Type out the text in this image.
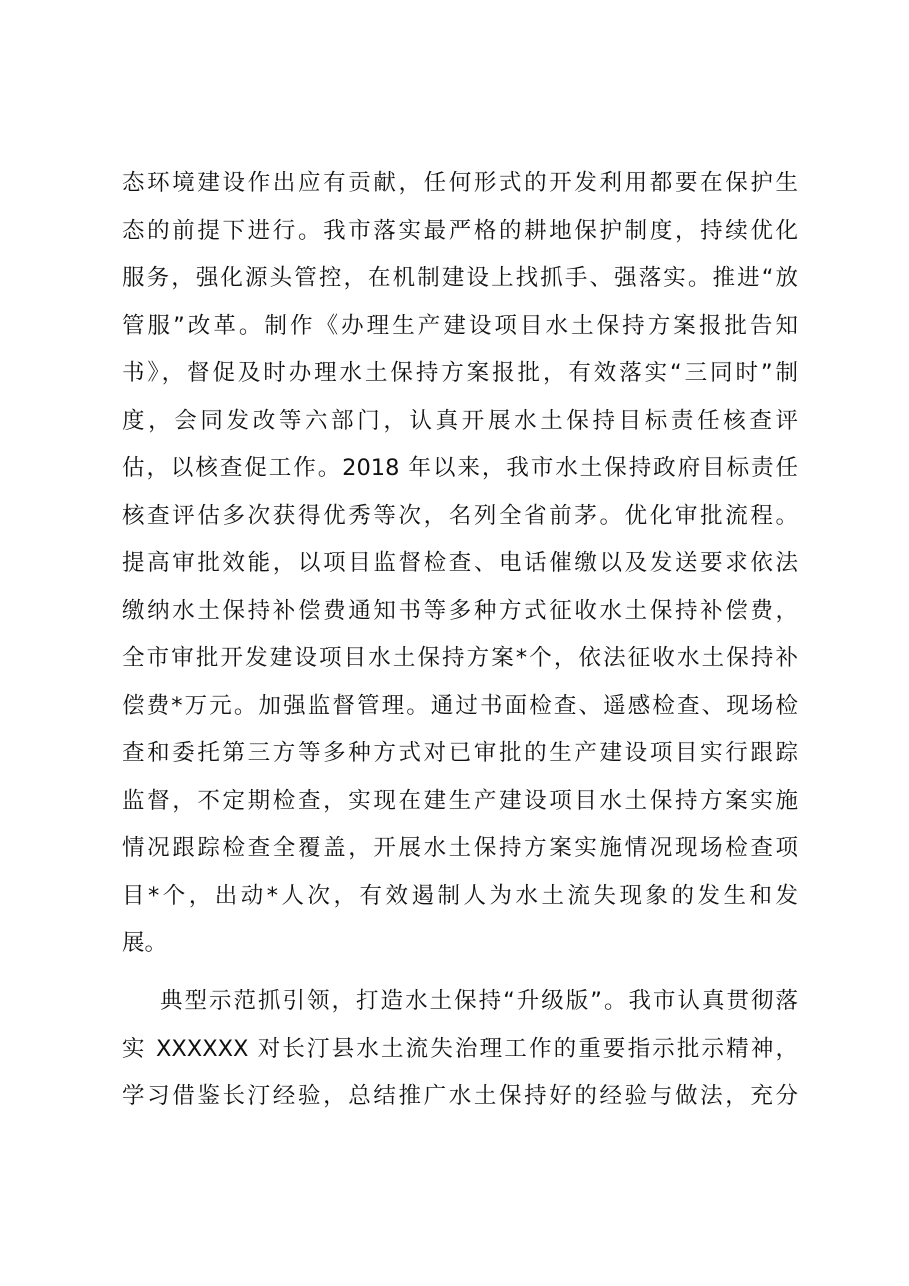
态环境建设作出应有贡献，任何形式的开发利用都要在保护生
态的前提下进行。我市落实最严格的耕地保护制度，持续优化
服务，强化源头管控，在机制建设上找抓手、强落实。推进“放
管服”改革。制作《办理生产建设项目水土保持方案报批告知
书》，督促及时办理水土保持方案报批，有效落实“三同时”制
度，会同发改等六部门，认真开展水土保持目标责任核查评
估，以核查促工作。2018 年以来，我市水土保持政府目标责任
核查评估多次获得优秀等次，名列全省前茅。优化审批流程。
提高审批效能，以项目监督检查、电话催缴以及发送要求依法
缴纳水土保持补偿费通知书等多种方式征收水土保持补偿费，
全市审批开发建设项目水土保持方案*个，依法征收水土保持补
偿费*万元。加强监督管理。通过书面检查、遥感检查、现场检
查和委托第三方等多种方式对已审批的生产建设项目实行跟踪
监督，不定期检查，实现在建生产建设项目水土保持方案实施
情况跟踪检查全覆盖，开展水土保持方案实施情况现场检查项
目*个，出动*人次，有效遏制人为水土流失现象的发生和发
展。
典型示范抓引领，打造水土保持“升级版”。我市认真贯彻落
实 XXXXXX 对长汀县水土流失治理工作的重要指示批示精神，
学习借鉴长汀经验，总结推广水土保持好的经验与做法，充分
